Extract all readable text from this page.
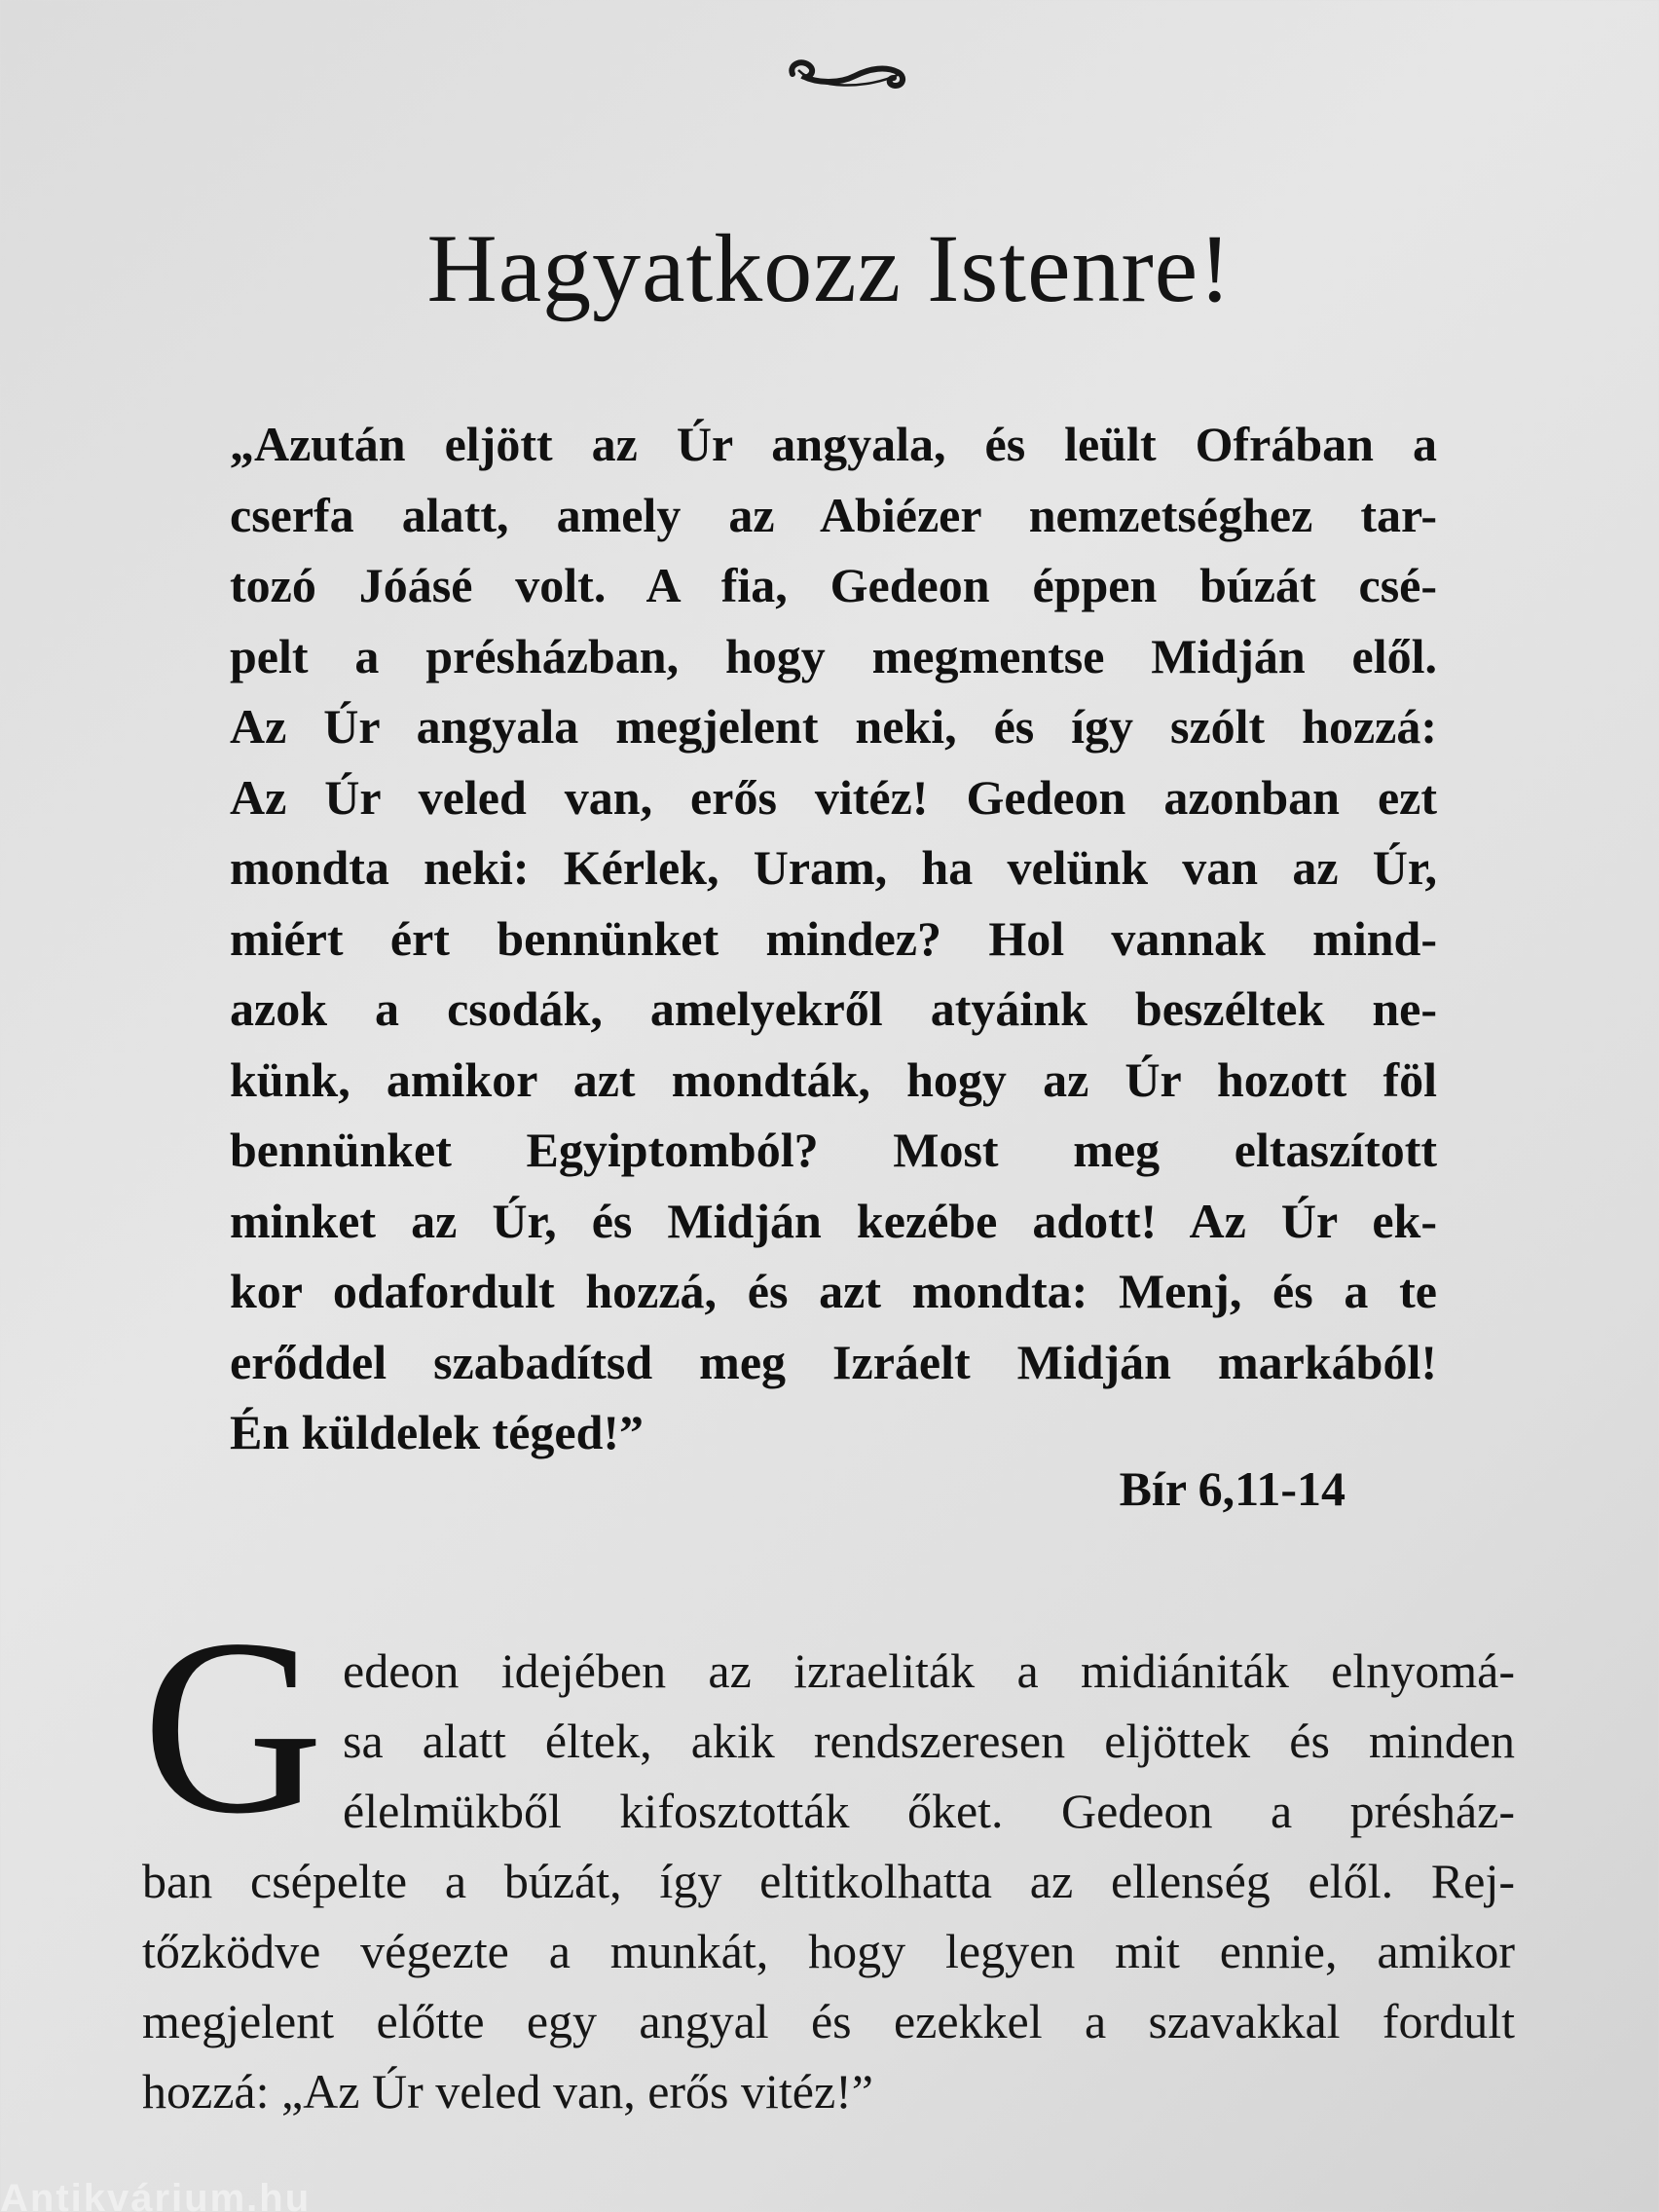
Hagyatkozz Istenre!
„Azután eljött az Úr angyala, és leült Ofrában a
cserfa alatt, amely az Abiézer nemzetséghez tar-
tozó Jóásé volt. A fia, Gedeon éppen búzát csé-
pelt a présházban, hogy megmentse Midján elől.
Az Úr angyala megjelent neki, és így szólt hozzá:
Az Úr veled van, erős vitéz! Gedeon azonban ezt
mondta neki: Kérlek, Uram, ha velünk van az Úr,
miért ért bennünket mindez? Hol vannak mind-
azok a csodák, amelyekről atyáink beszéltek ne-
künk, amikor azt mondták, hogy az Úr hozott föl
bennünket Egyiptomból? Most meg eltaszított
minket az Úr, és Midján kezébe adott! Az Úr ek-
kor odafordult hozzá, és azt mondta: Menj, és a te
erőddel szabadítsd meg Izráelt Midján markából!
Én küldelek téged!”
Bír 6,11-14
G edeon idejében az izraeliták a midiániták elnyomá-
sa alatt éltek, akik rendszeresen eljöttek és minden
élelmükből kifosztották őket. Gedeon a présház-
ban csépelte a búzát, így eltitkolhatta az ellenség elől. Rej-
tőzködve végezte a munkát, hogy legyen mit ennie, amikor
megjelent előtte egy angyal és ezekkel a szavakkal fordult
hozzá: „Az Úr veled van, erős vitéz!”
Antikvárium.hu
